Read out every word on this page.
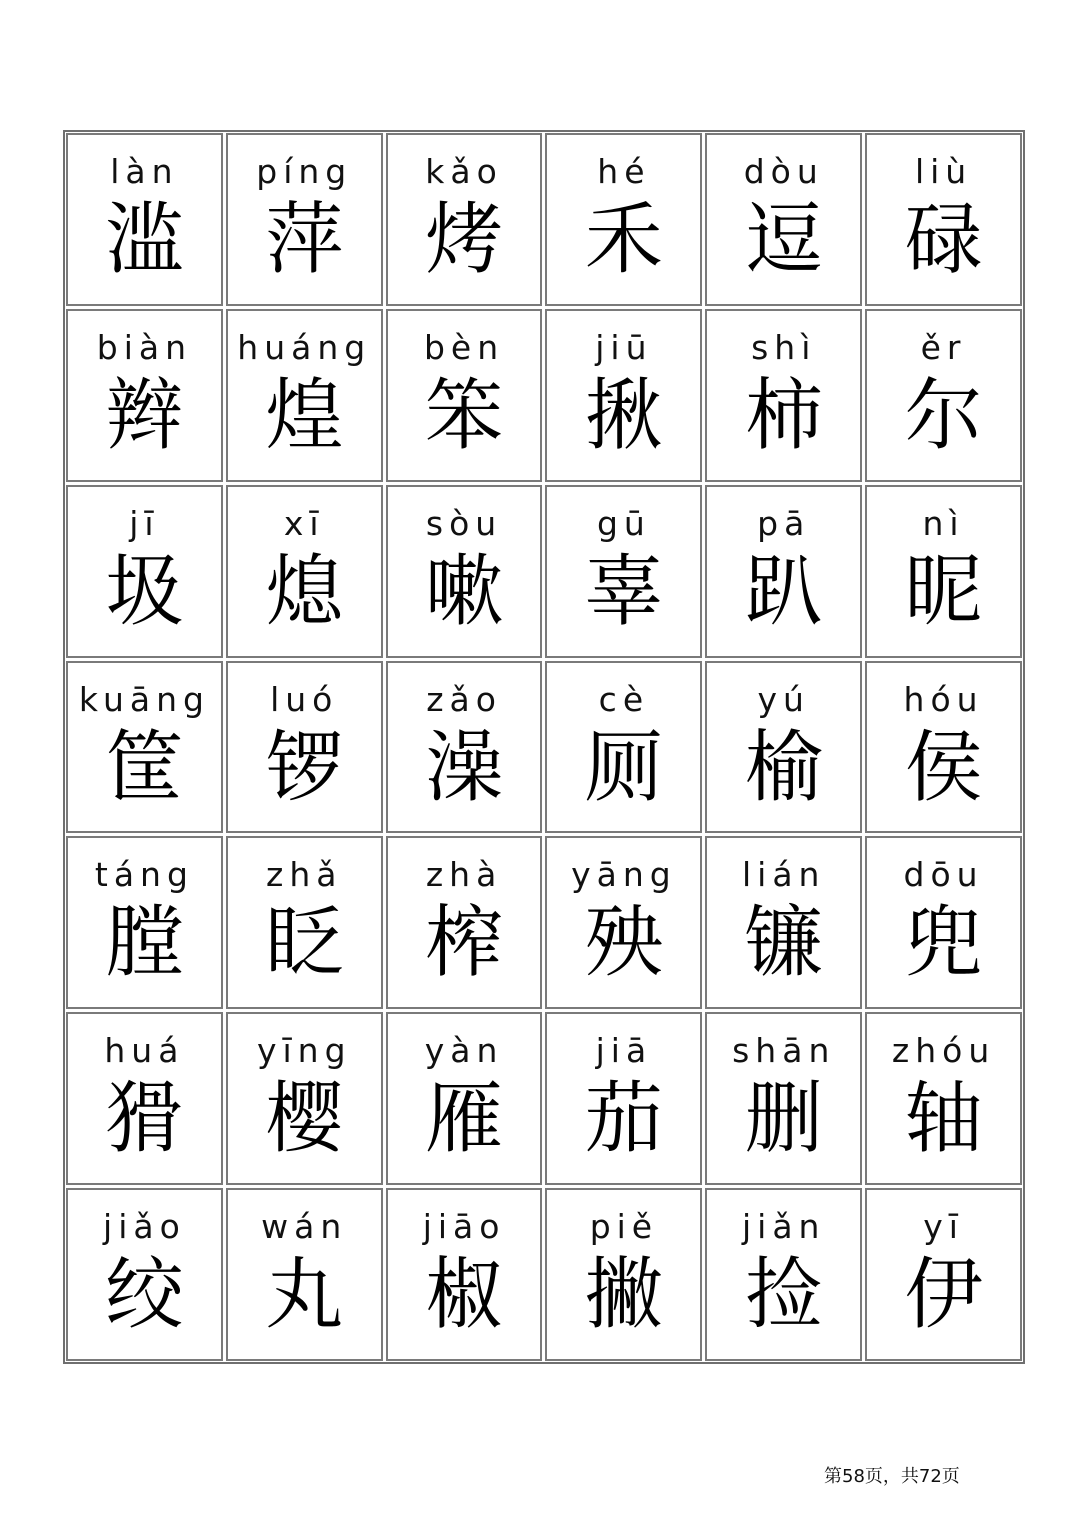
làn
滥
píng
萍
kǎo
烤
hé
禾
dòu
逗
liù
碌
biàn
辫
huáng
煌
bèn
笨
jiū
揪
shì
柿
ěr
尔
jī
圾
xī
熄
sòu
嗽
gū
辜
pā
趴
nì
昵
kuāng
筐
luó
锣
zǎo
澡
cè
厕
yú
榆
hóu
侯
táng
膛
zhǎ
眨
zhà
榨
yāng
殃
lián
镰
dōu
兜
huá
猾
yīng
樱
yàn
雁
jiā
茄
shān
删
zhóu
轴
jiǎo
绞
wán
丸
jiāo
椒
piě
撇
jiǎn
捡
yī
伊
第58页，共72页
